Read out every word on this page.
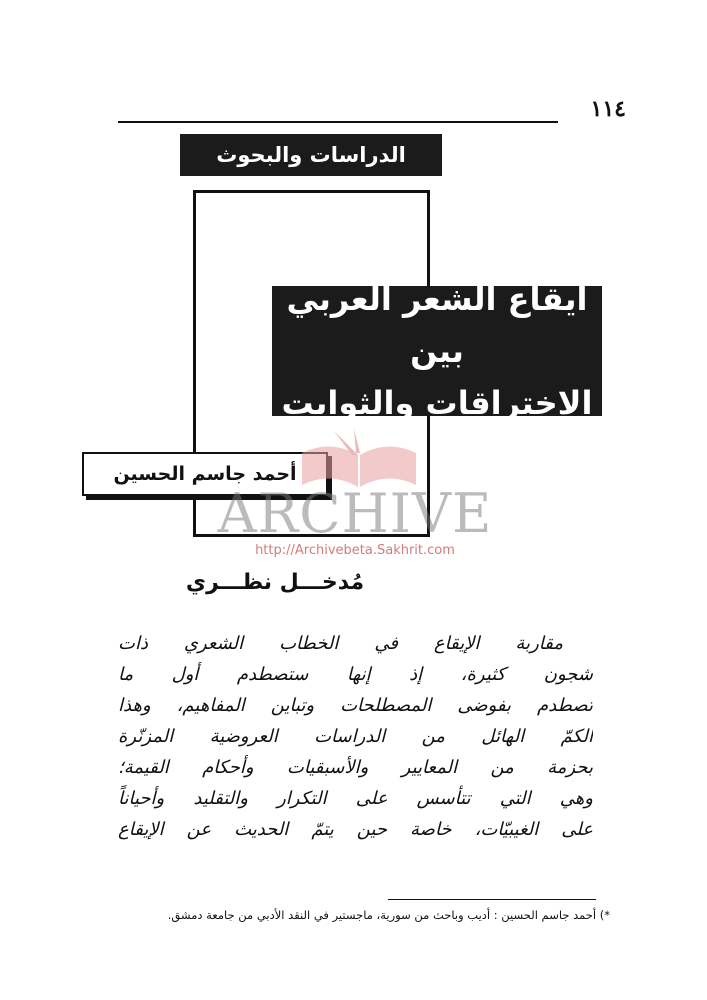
١١٤
الدراسات والبحوث
ايقاع الشعر العربي بين
الاختراقات والثوابت
أحمد جاسم الحسين
ARCHIVE
http://Archivebeta.Sakhrit.com
مُدخـــل نظـــري
مقاربة الإيقاع في الخطاب الشعري ذات
شجون كثيرة، إذ إنها ستصطدم أول ما
تصطدم بفوضى المصطلحات وتباين المفاهيم، وهذا
الكمّ الهائل من الدراسات العروضية المزنّرة
بحزمة من المعايير والأسبقيات وأحكام القيمة؛
وهي التي تتأسس على التكرار والتقليد وأحياناً
على الغيبيّات، خاصة حين يتمّ الحديث عن الإيقاع
*) أحمد جاسم الحسين : أديب وباحث من سورية، ماجستير في النقد الأدبي من جامعة دمشق.
